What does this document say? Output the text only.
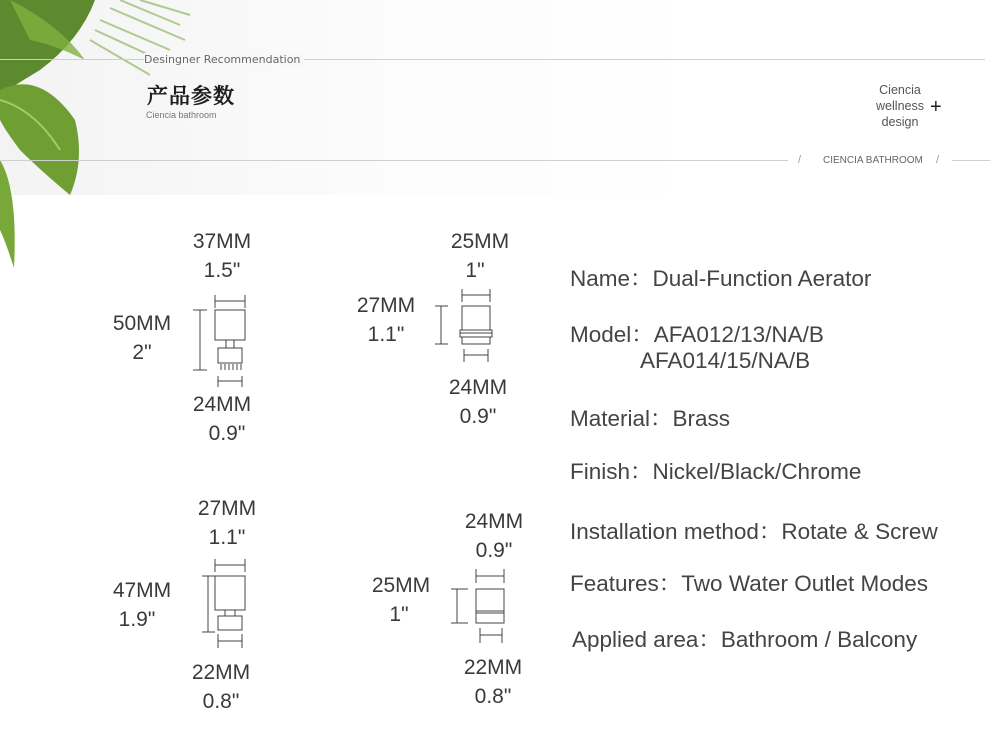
Desingner Recommendation
产品参数
Ciencia bathroom
Ciencia
wellness
design
+
/ CIENCIA BATHROOM /
37MM
1.5"
50MM
2"
24MM
0.9"
25MM
1"
27MM
1.1"
24MM
0.9"
27MM
1.1"
47MM
1.9"
22MM
0.8"
24MM
0.9"
25MM
1"
22MM
0.8"
Name：Dual-Function Aerator
Model：AFA012/13/NA/B
AFA014/15/NA/B
Material：Brass
Finish：Nickel/Black/Chrome
Installation method：Rotate & Screw
Features：Two Water Outlet Modes
Applied area：Bathroom / Balcony
